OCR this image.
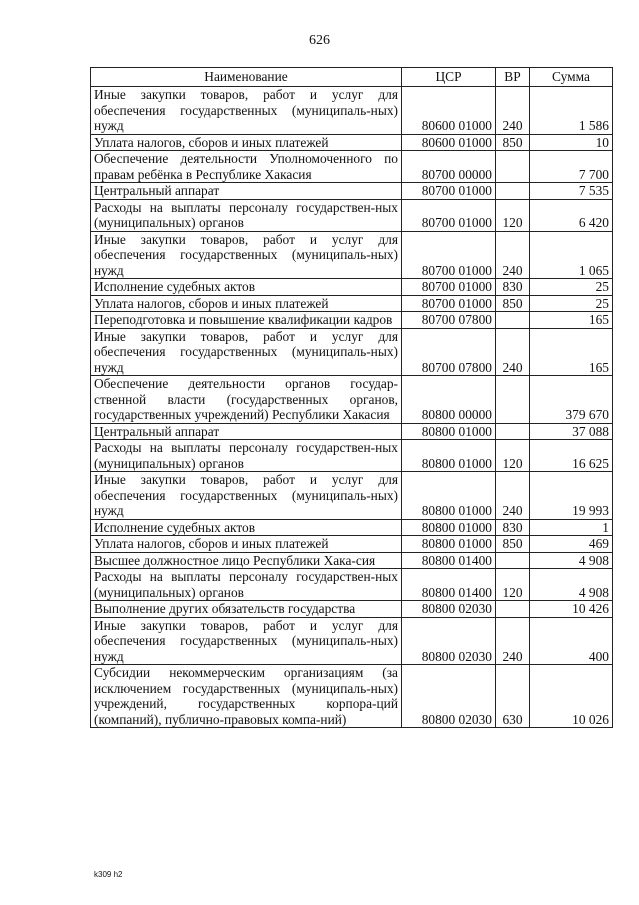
626
Наименование	ЦСР	ВР	Сумма
Иные закупки товаров, работ и услуг для обеспечения государственных (муниципаль-ных) нужд	80600 01000	240	1 586
Уплата налогов, сборов и иных платежей	80600 01000	850	10
Обеспечение деятельности Уполномоченного по правам ребёнка в Республике Хакасия	80700 00000		7 700
Центральный аппарат	80700 01000		7 535
Расходы на выплаты персоналу государствен-ных (муниципальных) органов	80700 01000	120	6 420
Иные закупки товаров, работ и услуг для обеспечения государственных (муниципаль-ных) нужд	80700 01000	240	1 065
Исполнение судебных актов	80700 01000	830	25
Уплата налогов, сборов и иных платежей	80700 01000	850	25
Переподготовка и повышение квалификации кадров	80700 07800		165
Иные закупки товаров, работ и услуг для обеспечения государственных (муниципаль-ных) нужд	80700 07800	240	165
Обеспечение деятельности органов государ-ственной власти (государственных органов, государственных учреждений) Республики Хакасия	80800 00000		379 670
Центральный аппарат	80800 01000		37 088
Расходы на выплаты персоналу государствен-ных (муниципальных) органов	80800 01000	120	16 625
Иные закупки товаров, работ и услуг для обеспечения государственных (муниципаль-ных) нужд	80800 01000	240	19 993
Исполнение судебных актов	80800 01000	830	1
Уплата налогов, сборов и иных платежей	80800 01000	850	469
Высшее должностное лицо Республики Хака-сия	80800 01400		4 908
Расходы на выплаты персоналу государствен-ных (муниципальных) органов	80800 01400	120	4 908
Выполнение других обязательств государства	80800 02030		10 426
Иные закупки товаров, работ и услуг для обеспечения государственных (муниципаль-ных) нужд	80800 02030	240	400
Субсидии некоммерческим организациям (за исключением государственных (муниципаль-ных) учреждений, государственных корпора-ций (компаний), публично-правовых компа-ний)	80800 02030	630	10 026
k309 h2
